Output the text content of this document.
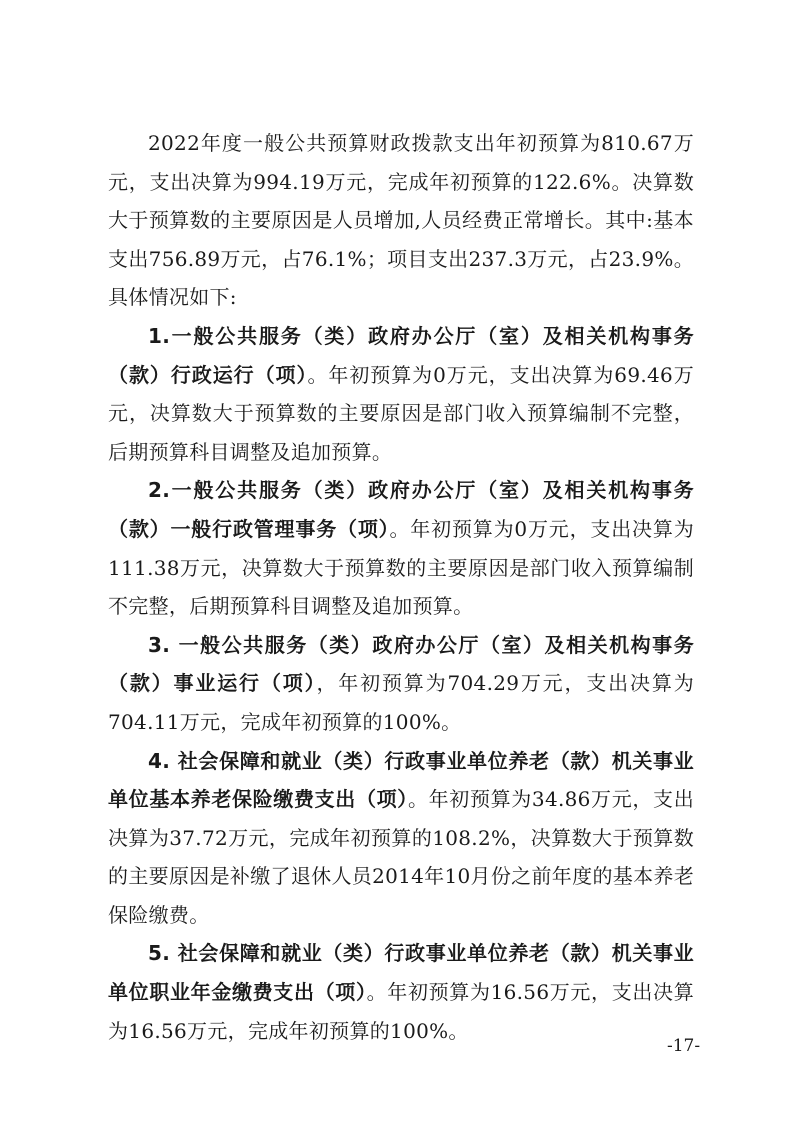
2022年度一般公共预算财政拨款支出年初预算为810.67万元，支出决算为994.19万元，完成年初预算的122.6%。决算数大于预算数的主要原因是人员增加,人员经费正常增长。其中:基本支出756.89万元，占76.1%；项目支出237.3万元，占23.9%。具体情况如下:

1.一般公共服务（类）政府办公厅（室）及相关机构事务（款）行政运行（项）。年初预算为0万元，支出决算为69.46万元，决算数大于预算数的主要原因是部门收入预算编制不完整，后期预算科目调整及追加预算。

2.一般公共服务（类）政府办公厅（室）及相关机构事务（款）一般行政管理事务（项）。年初预算为0万元，支出决算为111.38万元，决算数大于预算数的主要原因是部门收入预算编制不完整，后期预算科目调整及追加预算。

3. 一般公共服务（类）政府办公厅（室）及相关机构事务（款）事业运行（项），年初预算为704.29万元，支出决算为704.11万元，完成年初预算的100%。

4. 社会保障和就业（类）行政事业单位养老（款）机关事业单位基本养老保险缴费支出（项）。年初预算为34.86万元，支出决算为37.72万元，完成年初预算的108.2%，决算数大于预算数的主要原因是补缴了退休人员2014年10月份之前年度的基本养老保险缴费。

5. 社会保障和就业（类）行政事业单位养老（款）机关事业单位职业年金缴费支出（项）。年初预算为16.56万元，支出决算为16.56万元，完成年初预算的100%。

-17-
